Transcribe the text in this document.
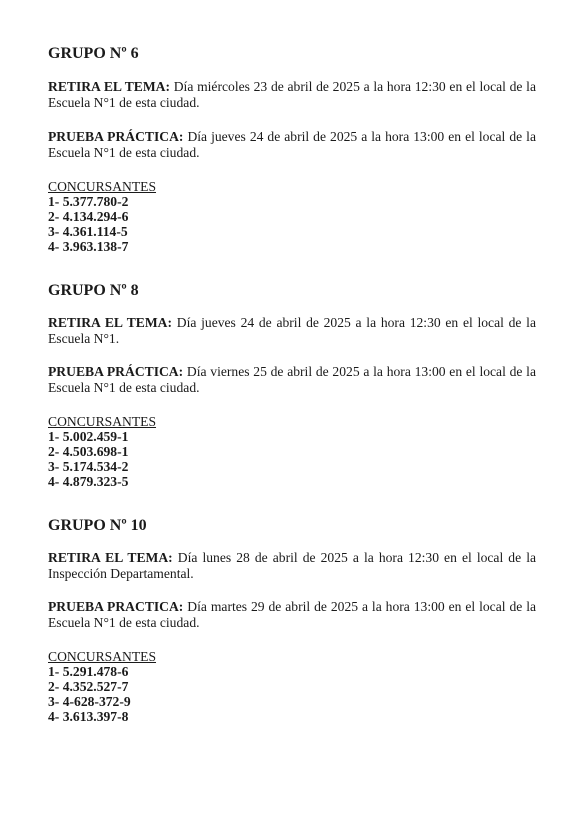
GRUPO Nº 6

RETIRA EL TEMA: Día miércoles 23 de abril de 2025 a la hora 12:30 en el local de la Escuela N°1 de esta ciudad.

PRUEBA PRÁCTICA: Día jueves 24 de abril de 2025 a la hora 13:00 en el local de la Escuela N°1 de esta ciudad.

CONCURSANTES

1- 5.377.780-2

2- 4.134.294-6

3- 4.361.114-5

4- 3.963.138-7

GRUPO Nº 8

RETIRA EL TEMA: Día jueves 24 de abril de 2025 a la hora 12:30 en el local de la Escuela N°1.

PRUEBA PRÁCTICA: Día viernes 25 de abril de 2025 a la hora 13:00 en el local de la Escuela N°1 de esta ciudad.

CONCURSANTES

1- 5.002.459-1

2- 4.503.698-1

3- 5.174.534-2

4- 4.879.323-5

GRUPO Nº 10

RETIRA EL TEMA: Día lunes 28 de abril de 2025 a la hora 12:30 en el local de la Inspección Departamental.

PRUEBA PRACTICA: Día martes 29 de abril de 2025 a la hora 13:00 en el local de la Escuela N°1 de esta ciudad.

CONCURSANTES

1- 5.291.478-6

2- 4.352.527-7

3- 4-628-372-9

4- 3.613.397-8
